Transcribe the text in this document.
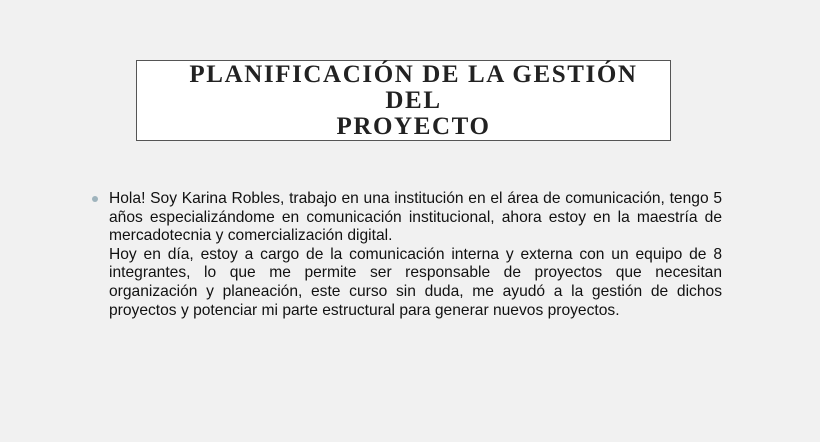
PLANIFICACIÓN DE LA GESTIÓN DEL
PROYECTO

Hola! Soy Karina Robles, trabajo en una institución en el área de comunicación, tengo 5 años especializándome en comunicación institucional, ahora estoy en la maestría de mercadotecnia y comercialización digital.

Hoy en día, estoy a cargo de la comunicación interna y externa con un equipo de 8 integrantes, lo que me permite ser responsable de proyectos que necesitan organización y planeación, este curso sin duda, me ayudó a la gestión de dichos proyectos y potenciar mi parte estructural para generar nuevos proyectos.
